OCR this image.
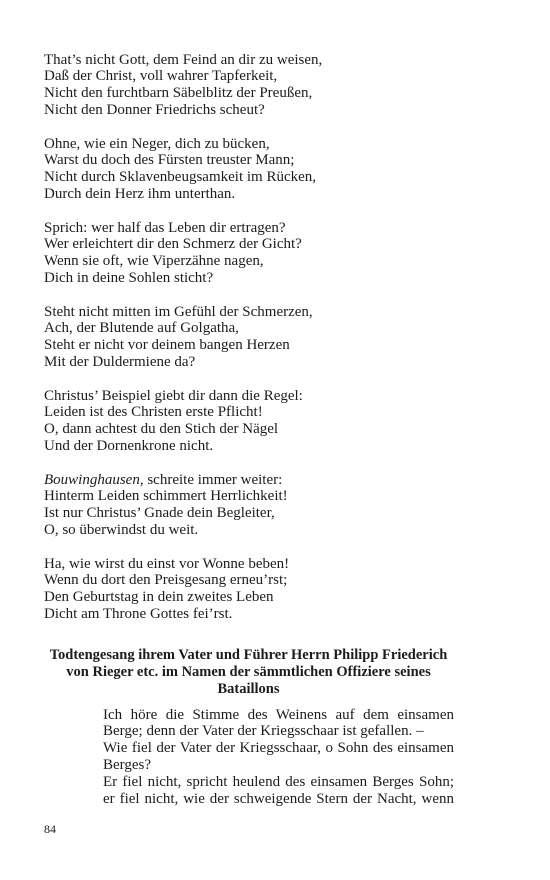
That’s nicht Gott, dem Feind an dir zu weisen,
Daß der Christ, voll wahrer Tapferkeit,
Nicht den furchtbarn Säbelblitz der Preußen,
Nicht den Donner Friedrichs scheut?
Ohne, wie ein Neger, dich zu bücken,
Warst du doch des Fürsten treuster Mann;
Nicht durch Sklavenbeugsamkeit im Rücken,
Durch dein Herz ihm unterthan.
Sprich: wer half das Leben dir ertragen?
Wer erleichtert dir den Schmerz der Gicht?
Wenn sie oft, wie Viperzähne nagen,
Dich in deine Sohlen sticht?
Steht nicht mitten im Gefühl der Schmerzen,
Ach, der Blutende auf Golgatha,
Steht er nicht vor deinem bangen Herzen
Mit der Duldermiene da?
Christus’ Beispiel giebt dir dann die Regel:
Leiden ist des Christen erste Pflicht!
O, dann achtest du den Stich der Nägel
Und der Dornenkrone nicht.
Bouwinghausen, schreite immer weiter:
Hinterm Leiden schimmert Herrlichkeit!
Ist nur Christus’ Gnade dein Begleiter,
O, so überwindst du weit.
Ha, wie wirst du einst vor Wonne beben!
Wenn du dort den Preisgesang erneu’rst;
Den Geburtstag in dein zweites Leben
Dicht am Throne Gottes fei’rst.
Todtengesang ihrem Vater und Führer Herrn Philipp Friederich
von Rieger etc. im Namen der sämmtlichen Offiziere seines
Bataillons
Ich höre die Stimme des Weinens auf dem einsamen
Berge; denn der Vater der Kriegsschaar ist gefallen. –
Wie fiel der Vater der Kriegsschaar, o Sohn des einsamen
Berges?
Er fiel nicht, spricht heulend des einsamen Berges Sohn;
er fiel nicht, wie der schweigende Stern der Nacht, wenn
84
